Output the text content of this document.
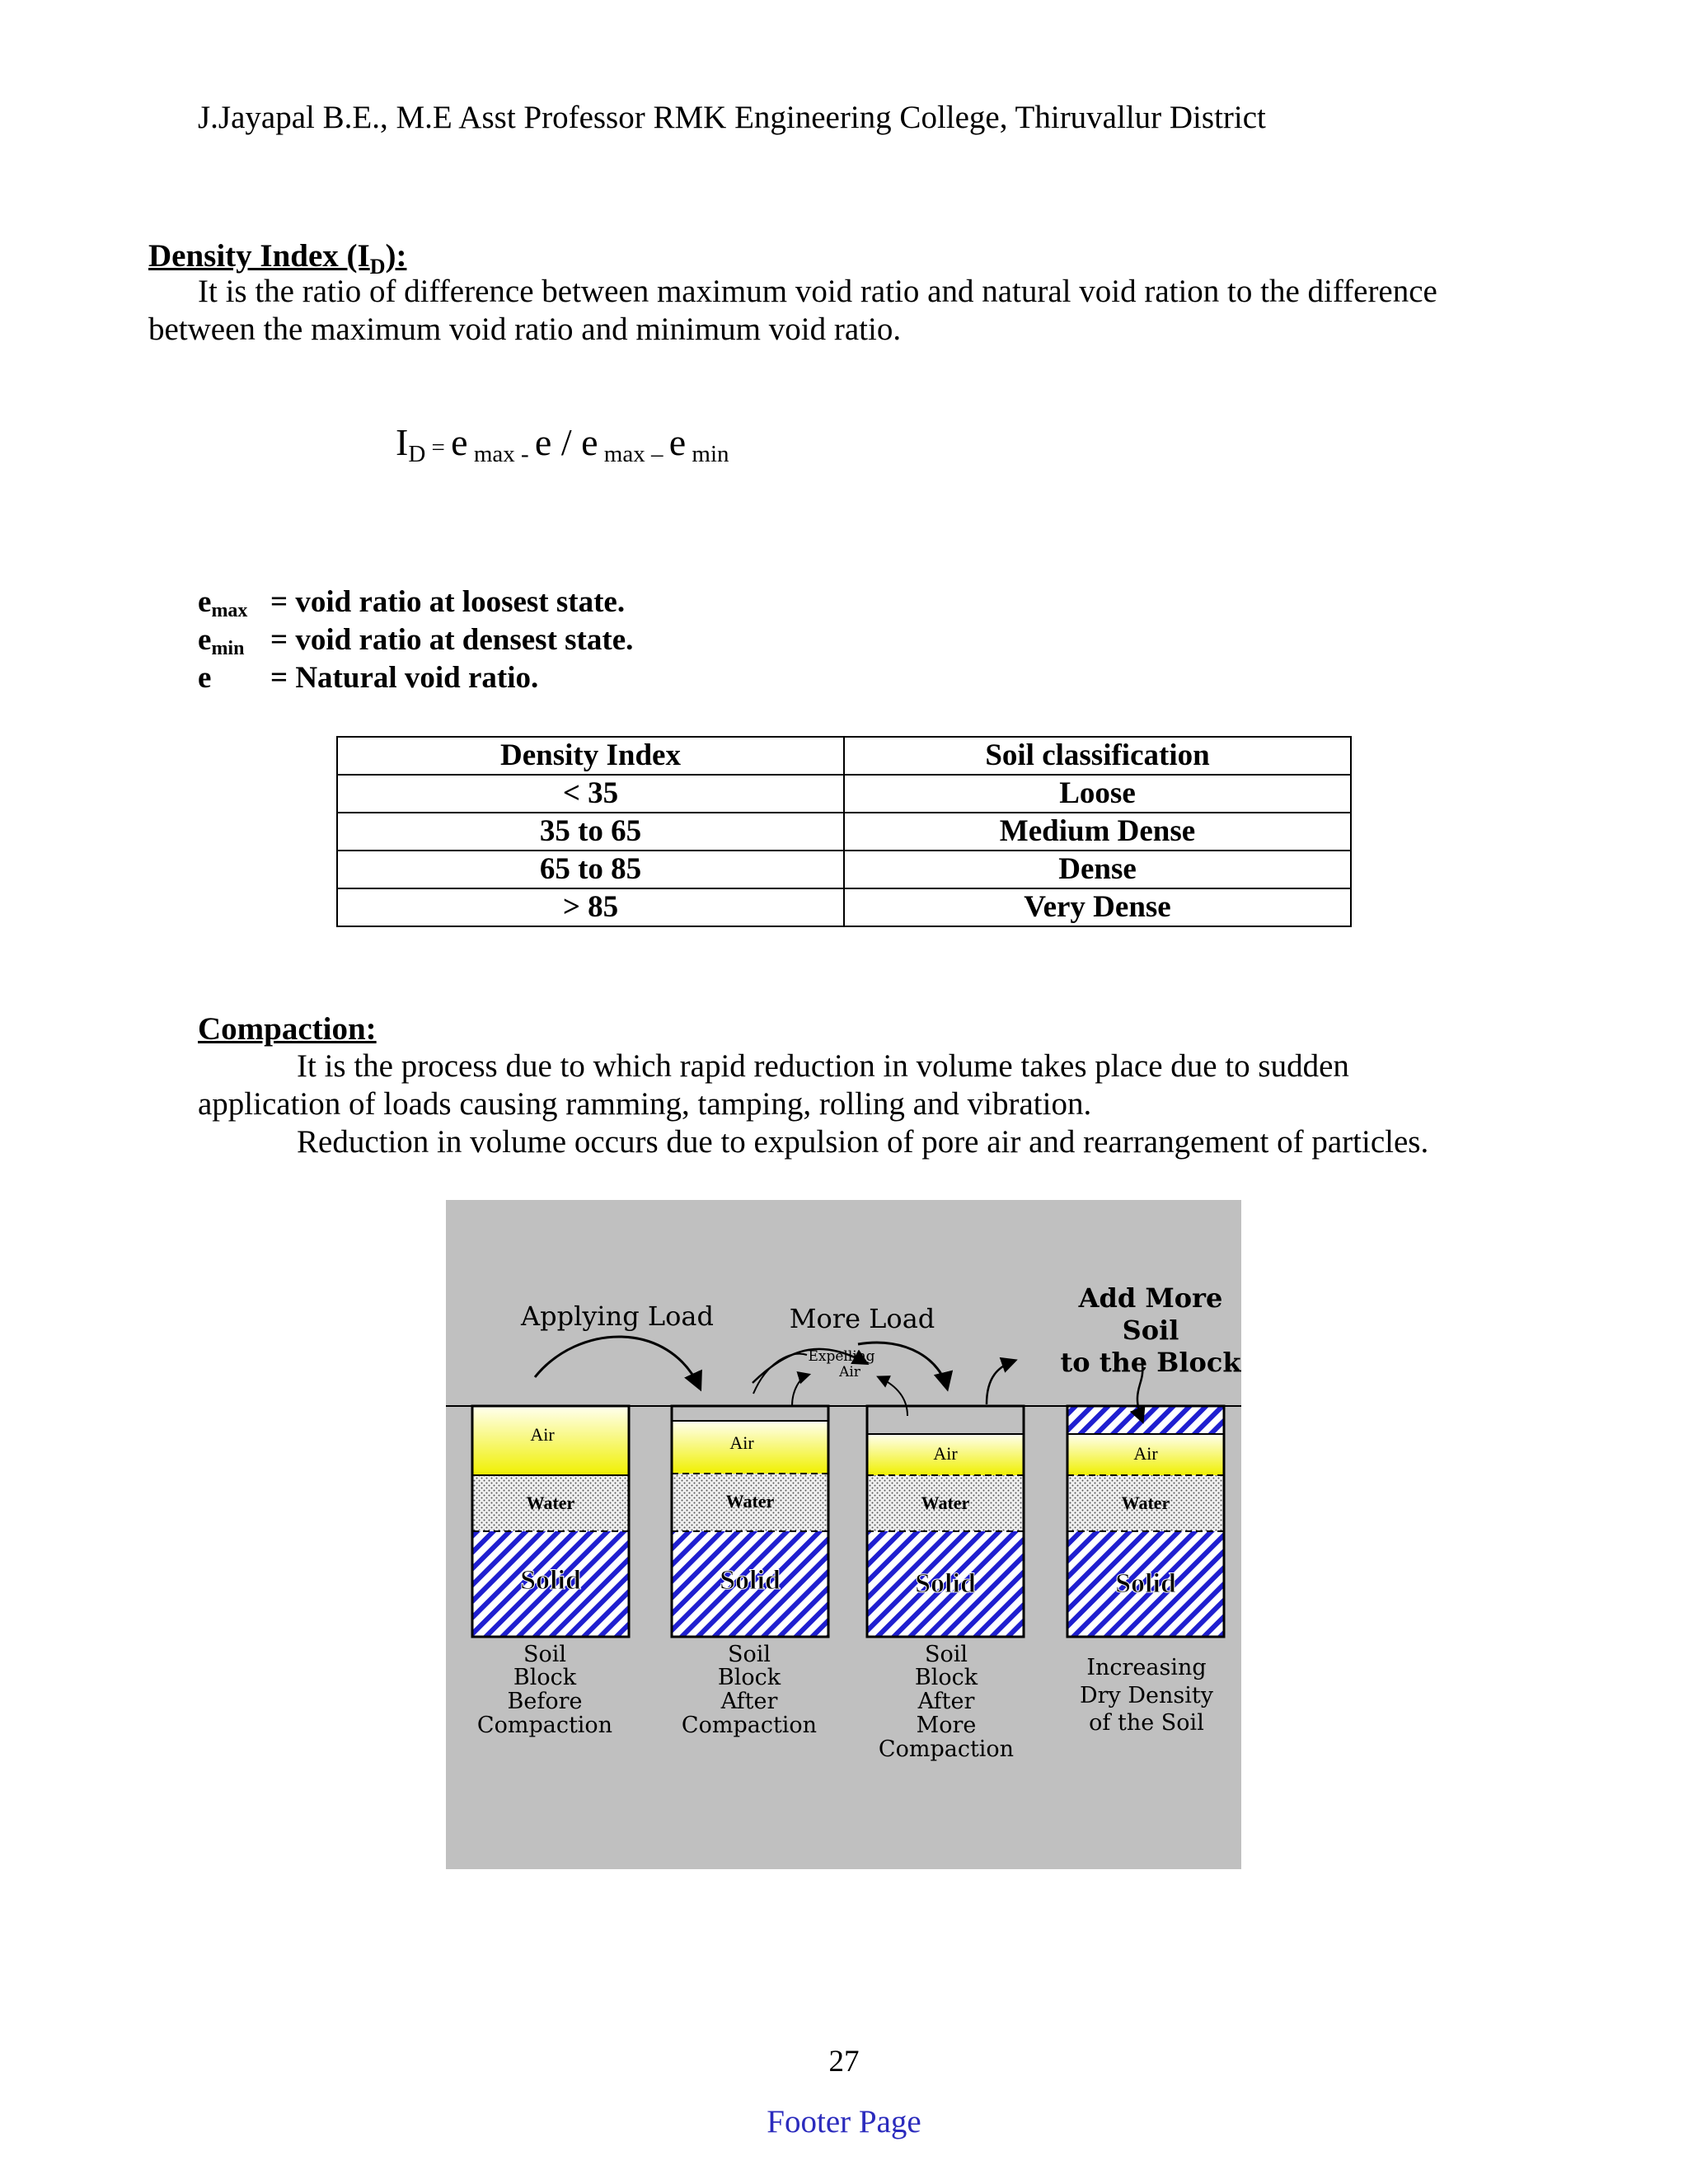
J.Jayapal B.E., M.E Asst Professor RMK Engineering College, Thiruvallur District
Density Index $(I_D)$:
It is the ratio of difference between maximum void ratio and natural void ration to the difference
between the maximum void ratio and minimum void ratio.
$I_D = e$ $_{max -}$ e / e $_{max -}$ e $_{min}$
$e_{max}$ = void ratio at loosest state.
$e_{min}$ = void ratio at densest state.
e = Natural void ratio.
Density Index	Soil classification
< 35	Loose
35 to 65	Medium Dense
65 to 85	Dense
> 85	Very Dense
Compaction:
It is the process due to which rapid reduction in volume takes place due to sudden
application of loads causing ramming, tamping, rolling and vibration.
Reduction in volume occurs due to expulsion of pore air and rearrangement of particles.
Air	Air
Air	Air
Water	Water	Water	Water
Solid	Solid	Solid	Solid
Applying Load	More Load
Expelling
Air
Add More
Soil
to the Block
Soil
Block
Before
Compaction
Soil
Block
After
Compaction
Soil
Block
After
More
Compaction
Increasing
Dry Density
of the Soil
27
Footer Page
